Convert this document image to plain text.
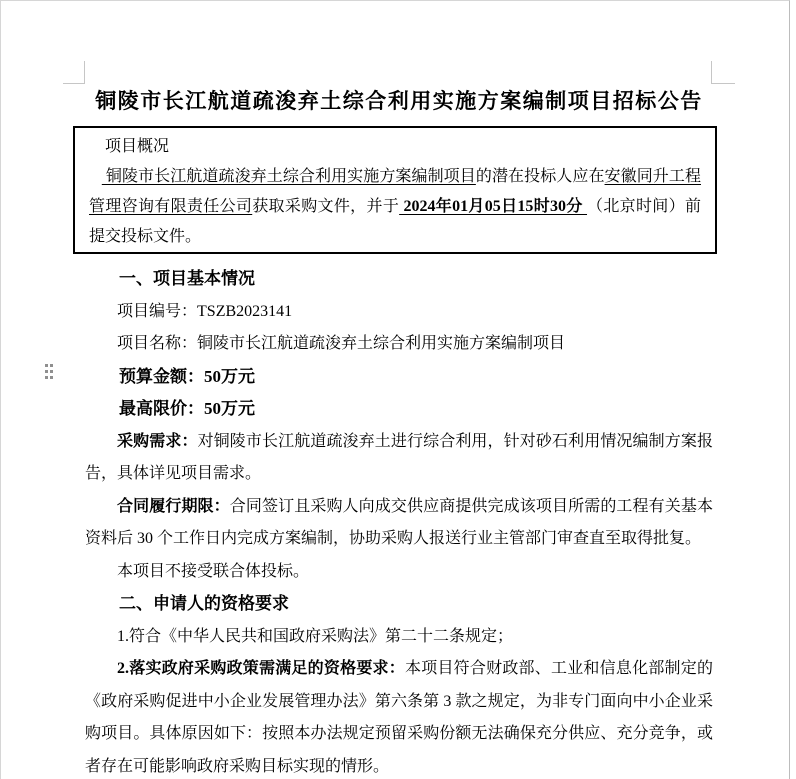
铜陵市长江航道疏浚弃土综合利用实施方案编制项目招标公告

项目概况

铜陵市长江航道疏浚弃土综合利用实施方案编制项目的潜在投标人应在安徽同升工程管理咨询有限责任公司获取采购文件，并于 2024年01月05日15时30分 （北京时间）前提交投标文件。

一、项目基本情况

项目编号：TSZB2023141

项目名称：铜陵市长江航道疏浚弃土综合利用实施方案编制项目

预算金额：50万元

最高限价：50万元

采购需求：对铜陵市长江航道疏浚弃土进行综合利用，针对砂石利用情况编制方案报告，具体详见项目需求。

合同履行期限：合同签订且采购人向成交供应商提供完成该项目所需的工程有关基本资料后 30 个工作日内完成方案编制，协助采购人报送行业主管部门审查直至取得批复。

本项目不接受联合体投标。

二、申请人的资格要求

1.符合《中华人民共和国政府采购法》第二十二条规定；

2.落实政府采购政策需满足的资格要求：本项目符合财政部、工业和信息化部制定的《政府采购促进中小企业发展管理办法》第六条第 3 款之规定，为非专门面向中小企业采购项目。具体原因如下：按照本办法规定预留采购份额无法确保充分供应、充分竞争，或者存在可能影响政府采购目标实现的情形。
